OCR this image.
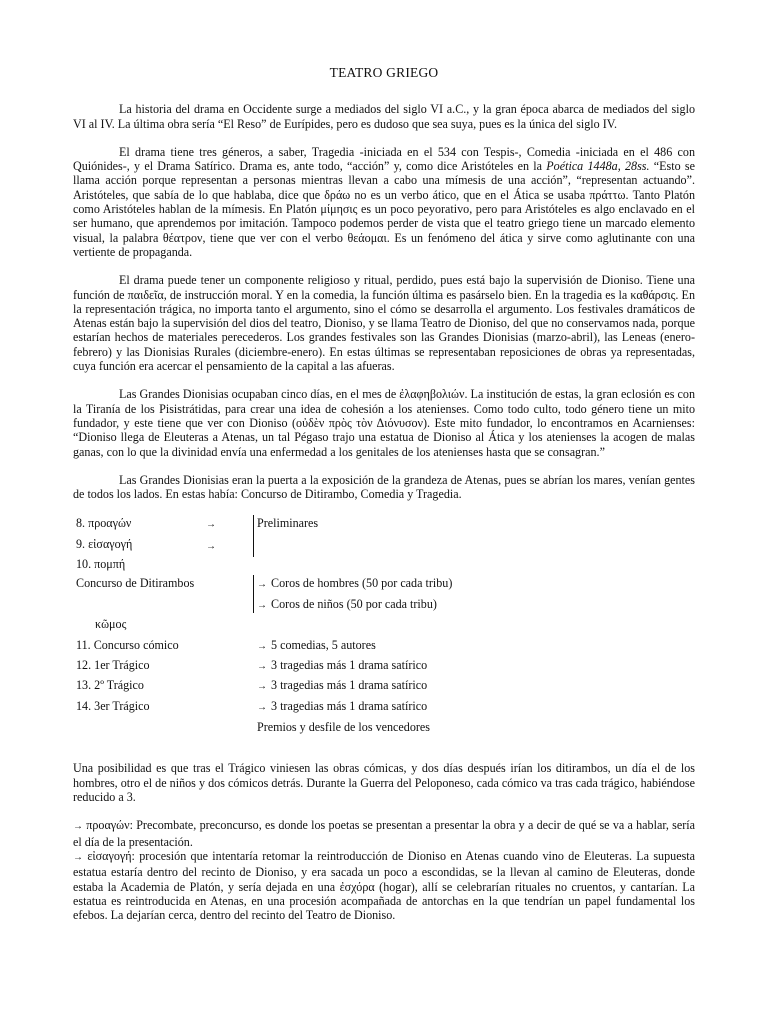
TEATRO GRIEGO

La historia del drama en Occidente surge a mediados del siglo VI a.C., y la gran época abarca de mediados del siglo VI al IV. La última obra sería “El Reso” de Eurípides, pero es dudoso que sea suya, pues es la única del siglo IV.

El drama tiene tres géneros, a saber, Tragedia -iniciada en el 534 con Tespis-, Comedia -iniciada en el 486 con Quiónides-, y el Drama Satírico. Drama es, ante todo, “acción” y, como dice Aristóteles en la Poética 1448a, 28ss. “Esto se llama acción porque representan a personas mientras llevan a cabo una mímesis de una acción”, “representan actuando”. Aristóteles, que sabía de lo que hablaba, dice que δράω no es un verbo ático, que en el Ática se usaba πράττω. Tanto Platón como Aristóteles hablan de la mímesis. En Platón μίμησις es un poco peyorativo, pero para Aristóteles es algo enclavado en el ser humano, que aprendemos por imitación. Tampoco podemos perder de vista que el teatro griego tiene un marcado elemento visual, la palabra θέατρον, tiene que ver con el verbo θεάομαι. Es un fenómeno del ática y sirve como aglutinante con una vertiente de propaganda.

El drama puede tener un componente religioso y ritual, perdido, pues está bajo la supervisión de Dioniso. Tiene una función de παιδεῖα, de instrucción moral. Y en la comedia, la función última es pasárselo bien. En la tragedia es la καθάρσις. En la representación trágica, no importa tanto el argumento, sino el cómo se desarrolla el argumento. Los festivales dramáticos de Atenas están bajo la supervisión del dios del teatro, Dioniso, y se llama Teatro de Dioniso, del que no conservamos nada, porque estarían hechos de materiales perecederos. Los grandes festivales son las Grandes Dionisias (marzo-abril), las Leneas (enero-febrero) y las Dionisias Rurales (diciembre-enero). En estas últimas se representaban reposiciones de obras ya representadas, cuya función era acercar el pensamiento de la capital a las afueras.

Las Grandes Dionisias ocupaban cinco días, en el mes de ἐλαφηβολιών. La institución de estas, la gran eclosión es con la Tiranía de los Pisistrátidas, para crear una idea de cohesión a los atenienses. Como todo culto, todo género tiene un mito fundador, y este tiene que ver con Dioniso (οὐδὲν πρὸς τὸν Διόνυσον). Este mito fundador, lo encontramos en Acarnienses: “Dioniso llega de Eleuteras a Atenas, un tal Pégaso trajo una estatua de Dioniso al Ática y los atenienses la acogen de malas ganas, con lo que la divinidad envía una enfermedad a los genitales de los atenienses hasta que se consagran.”

Las Grandes Dionisias eran la puerta a la exposición de la grandeza de Atenas, pues se abrían los mares, venían gentes de todos los lados. En estas había: Concurso de Ditirambo, Comedia y Tragedia.

8. προαγών	→	Preliminares
9. εἰσαγογή	→
10. πομπή
Concurso de Ditirambos	→ Coros de hombres (50 por cada tribu)
→ Coros de niños (50 por cada tribu)
κῶμος
11. Concurso cómico	→ 5 comedias, 5 autores
12. 1er Trágico	→ 3 tragedias más 1 drama satírico
13. 2º Trágico	→ 3 tragedias más 1 drama satírico
14. 3er Trágico	→ 3 tragedias más 1 drama satírico
Premios y desfile de los vencedores

Una posibilidad es que tras el Trágico viniesen las obras cómicas, y dos días después irían los ditirambos, un día el de los hombres, otro el de niños y dos cómicos detrás. Durante la Guerra del Peloponeso, cada cómico va tras cada trágico, habiéndose reducido a 3.

→ προαγών: Precombate, preconcurso, es donde los poetas se presentan a presentar la obra y a decir de qué se va a hablar, sería el día de la presentación.

→ εἰσαγογή: procesión que intentaría retomar la reintroducción de Dioniso en Atenas cuando vino de Eleuteras. La supuesta estatua estaría dentro del recinto de Dioniso, y era sacada un poco a escondidas, se la llevan al camino de Eleuteras, donde estaba la Academia de Platón, y sería dejada en una ἐσχόρα (hogar), allí se celebrarían rituales no cruentos, y cantarían. La estatua es reintroducida en Atenas, en una procesión acompañada de antorchas en la que tendrían un papel fundamental los efebos. La dejarían cerca, dentro del recinto del Teatro de Dioniso.
